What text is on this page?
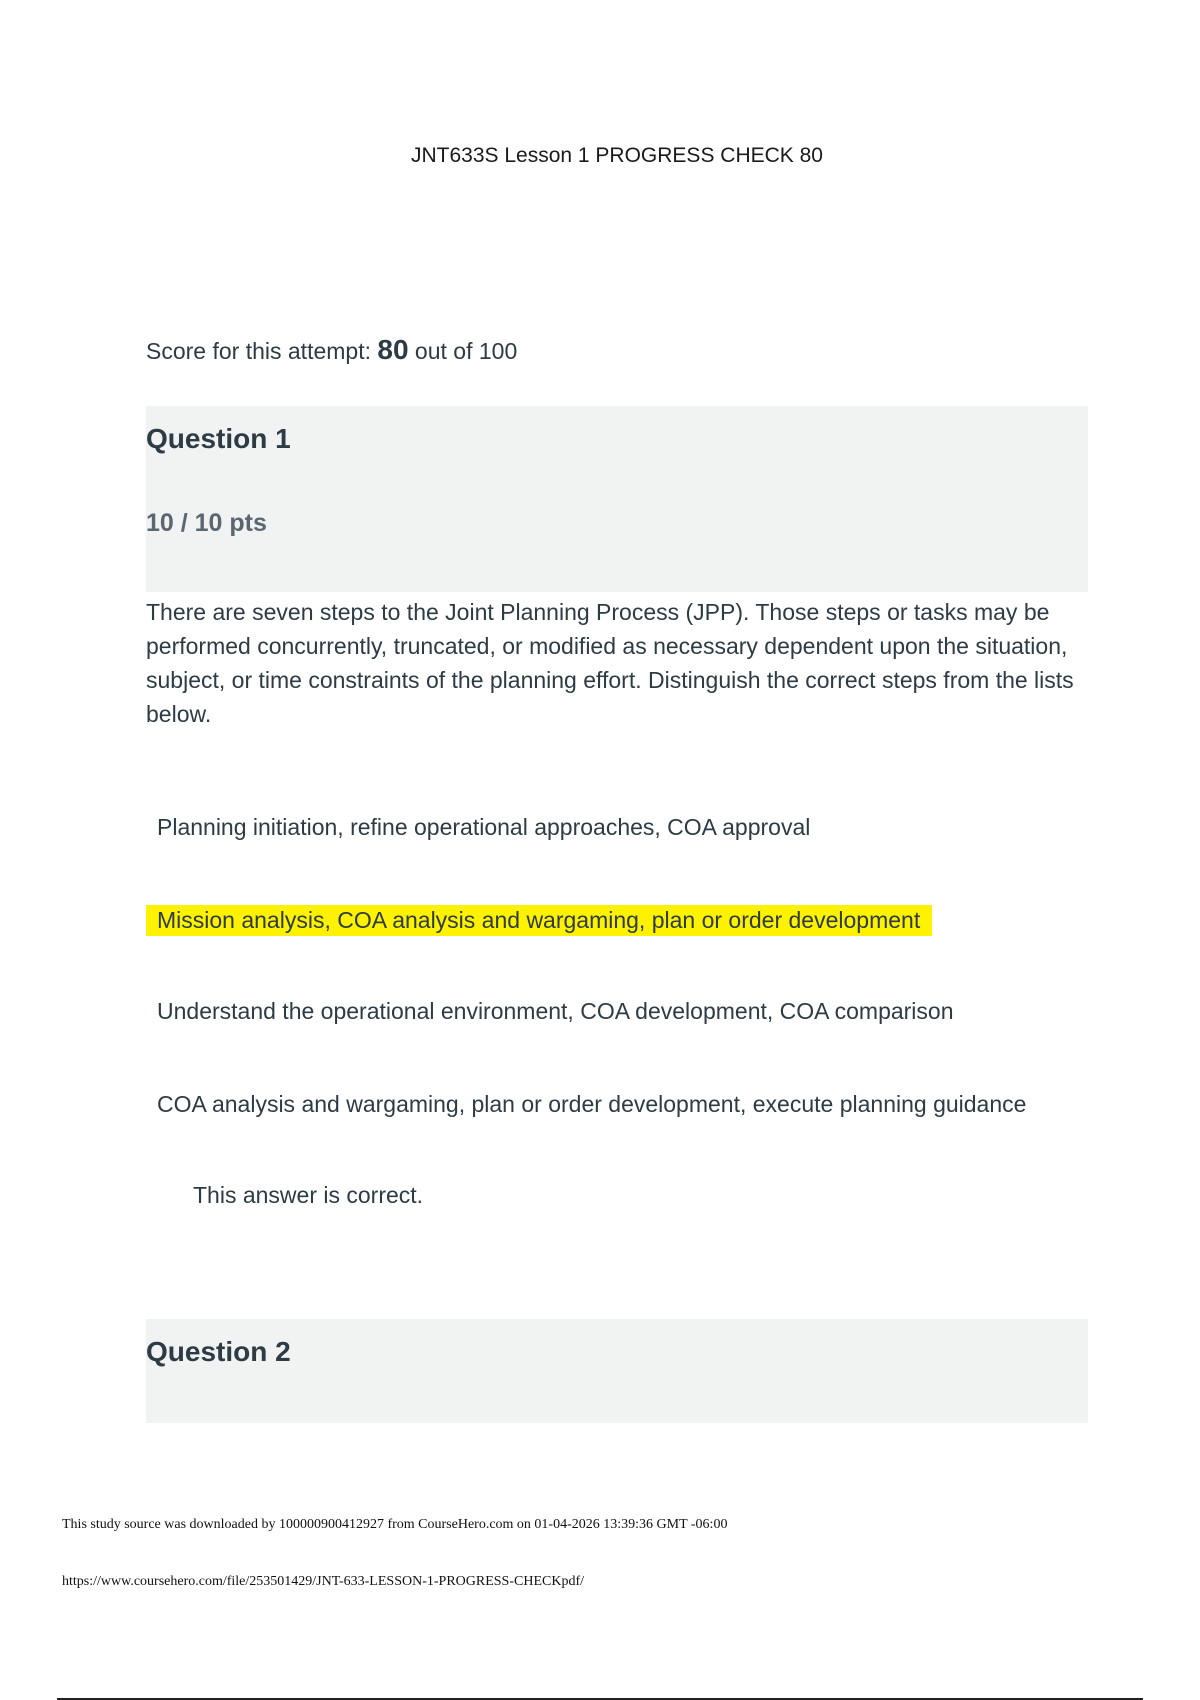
JNT633S Lesson 1 PROGRESS CHECK 80
Score for this attempt: 80 out of 100
Question 1
10 / 10 pts
There are seven steps to the Joint Planning Process (JPP). Those steps or tasks may be performed concurrently, truncated, or modified as necessary dependent upon the situation, subject, or time constraints of the planning effort. Distinguish the correct steps from the lists below.
Planning initiation, refine operational approaches, COA approval
Mission analysis, COA analysis and wargaming, plan or order development
Understand the operational environment, COA development, COA comparison
COA analysis and wargaming, plan or order development, execute planning guidance
This answer is correct.
Question 2
This study source was downloaded by 100000900412927 from CourseHero.com on 01-04-2026 13:39:36 GMT -06:00
https://www.coursehero.com/file/253501429/JNT-633-LESSON-1-PROGRESS-CHECKpdf/
